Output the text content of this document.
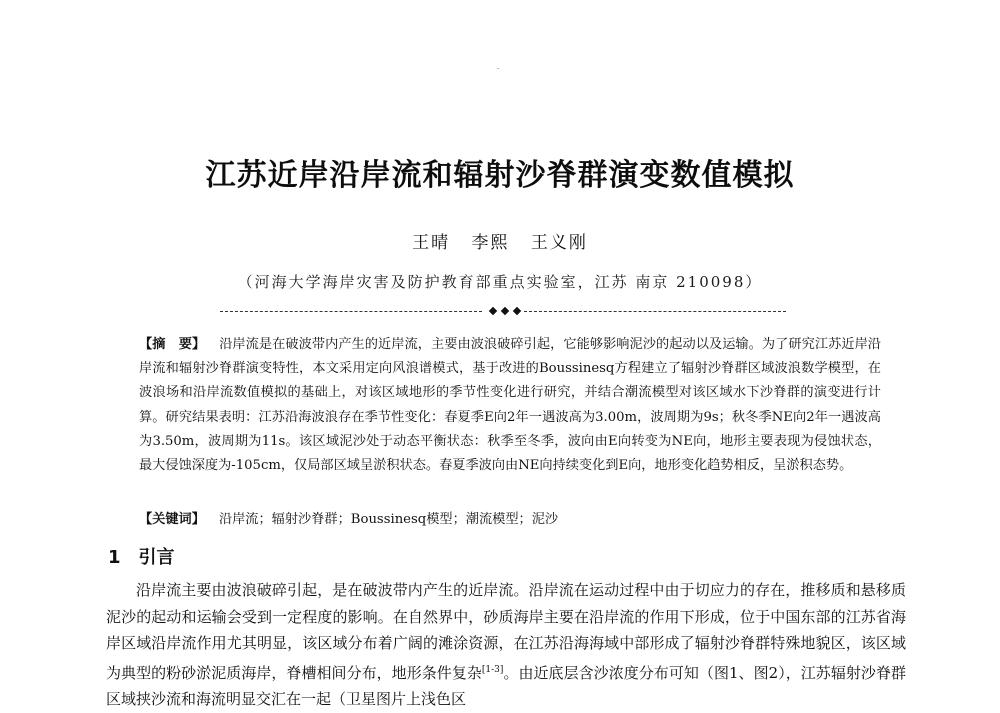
江苏近岸沿岸流和辐射沙脊群演变数值模拟
王晴 李熙 王义刚
（河海大学海岸灾害及防护教育部重点实验室，江苏 南京 210098）

【摘　要】 沿岸流是在破波带内产生的近岸流，主要由波浪破碎引起，它能够影响泥沙的起动以及运输。为了研究江苏近岸沿岸流和辐射沙脊群演变特性，本文采用定向风浪谱模式，基于改进的Boussinesq方程建立了辐射沙脊群区域波浪数学模型，在波浪场和沿岸流数值模拟的基础上，对该区域地形的季节性变化进行研究，并结合潮流模型对该区域水下沙脊群的演变进行计算。研究结果表明：江苏沿海波浪存在季节性变化：春夏季E向2年一遇波高为3.00m，波周期为9s；秋冬季NE向2年一遇波高为3.50m，波周期为11s。该区域泥沙处于动态平衡状态：秋季至冬季，波向由E向转变为NE向，地形主要表现为侵蚀状态，最大侵蚀深度为-105cm，仅局部区域呈淤积状态。春夏季波向由NE向持续变化到E向，地形变化趋势相反，呈淤积态势。

【关键词】 沿岸流；辐射沙脊群；Boussinesq模型；潮流模型；泥沙
1 引言

沿岸流主要由波浪破碎引起，是在破波带内产生的近岸流。沿岸流在运动过程中由于切应力的存在，推移质和悬移质泥沙的起动和运输会受到一定程度的影响。在自然界中，砂质海岸主要在沿岸流的作用下形成，位于中国东部的江苏省海岸区域沿岸流作用尤其明显，该区域分布着广阔的滩涂资源，在江苏沿海海域中部形成了辐射沙脊群特殊地貌区，该区域为典型的粉砂淤泥质海岸，脊槽相间分布，地形条件复杂[1-3]。由近底层含沙浓度分布可知（图1、图2），江苏辐射沙脊群区域挟沙流和海流明显交汇在一起（卫星图片上浅色区
